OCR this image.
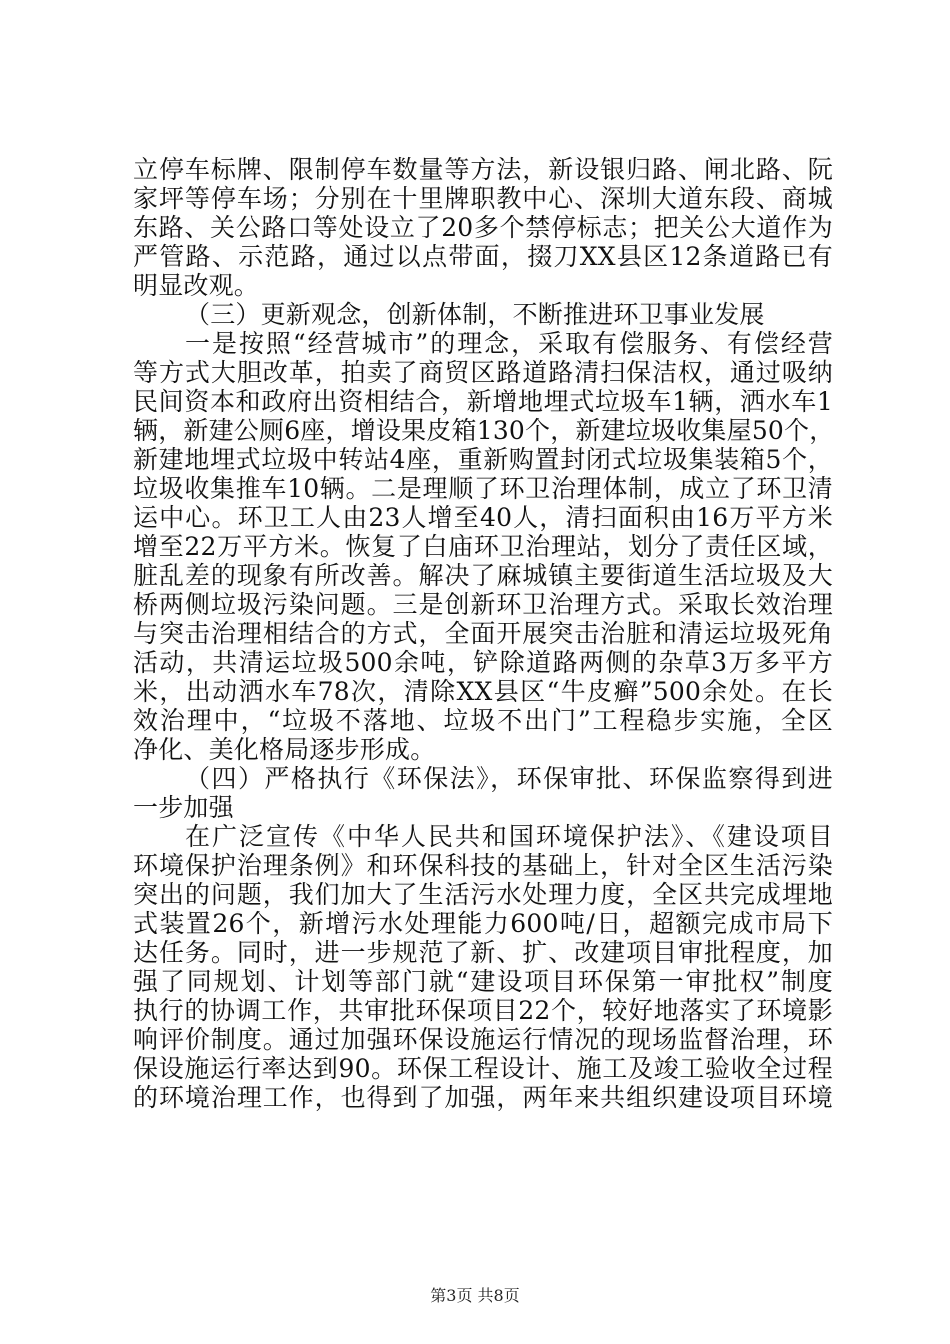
立停车标牌、限制停车数量等方法，新设银归路、闸北路、阮
家坪等停车场；分别在十里牌职教中心、深圳大道东段、商城
东路、关公路口等处设立了20多个禁停标志；把关公大道作为
严管路、示范路，通过以点带面，掇刀XX县区12条道路已有
明显改观。
（三）更新观念，创新体制，不断推进环卫事业发展
一是按照“经营城市”的理念，采取有偿服务、有偿经营
等方式大胆改革，拍卖了商贸区路道路清扫保洁权，通过吸纳
民间资本和政府出资相结合，新增地埋式垃圾车1辆，洒水车1
辆，新建公厕6座，增设果皮箱130个，新建垃圾收集屋50个，
新建地埋式垃圾中转站4座，重新购置封闭式垃圾集装箱5个，
垃圾收集推车10辆。二是理顺了环卫治理体制，成立了环卫清
运中心。环卫工人由23人增至40人，清扫面积由16万平方米
增至22万平方米。恢复了白庙环卫治理站，划分了责任区域，
脏乱差的现象有所改善。解决了麻城镇主要街道生活垃圾及大
桥两侧垃圾污染问题。三是创新环卫治理方式。采取长效治理
与突击治理相结合的方式，全面开展突击治脏和清运垃圾死角
活动，共清运垃圾500余吨，铲除道路两侧的杂草3万多平方
米，出动洒水车78次，清除XX县区“牛皮癣”500余处。在长
效治理中，“垃圾不落地、垃圾不出门”工程稳步实施，全区
净化、美化格局逐步形成。
（四）严格执行《环保法》，环保审批、环保监察得到进
一步加强
在广泛宣传《中华人民共和国环境保护法》、《建设项目
环境保护治理条例》和环保科技的基础上，针对全区生活污染
突出的问题，我们加大了生活污水处理力度，全区共完成埋地
式装置26个，新增污水处理能力600吨/日，超额完成市局下
达任务。同时，进一步规范了新、扩、改建项目审批程度，加
强了同规划、计划等部门就“建设项目环保第一审批权”制度
执行的协调工作，共审批环保项目22个，较好地落实了环境影
响评价制度。通过加强环保设施运行情况的现场监督治理，环
保设施运行率达到90。环保工程设计、施工及竣工验收全过程
的环境治理工作，也得到了加强，两年来共组织建设项目环境
第3页 共8页
